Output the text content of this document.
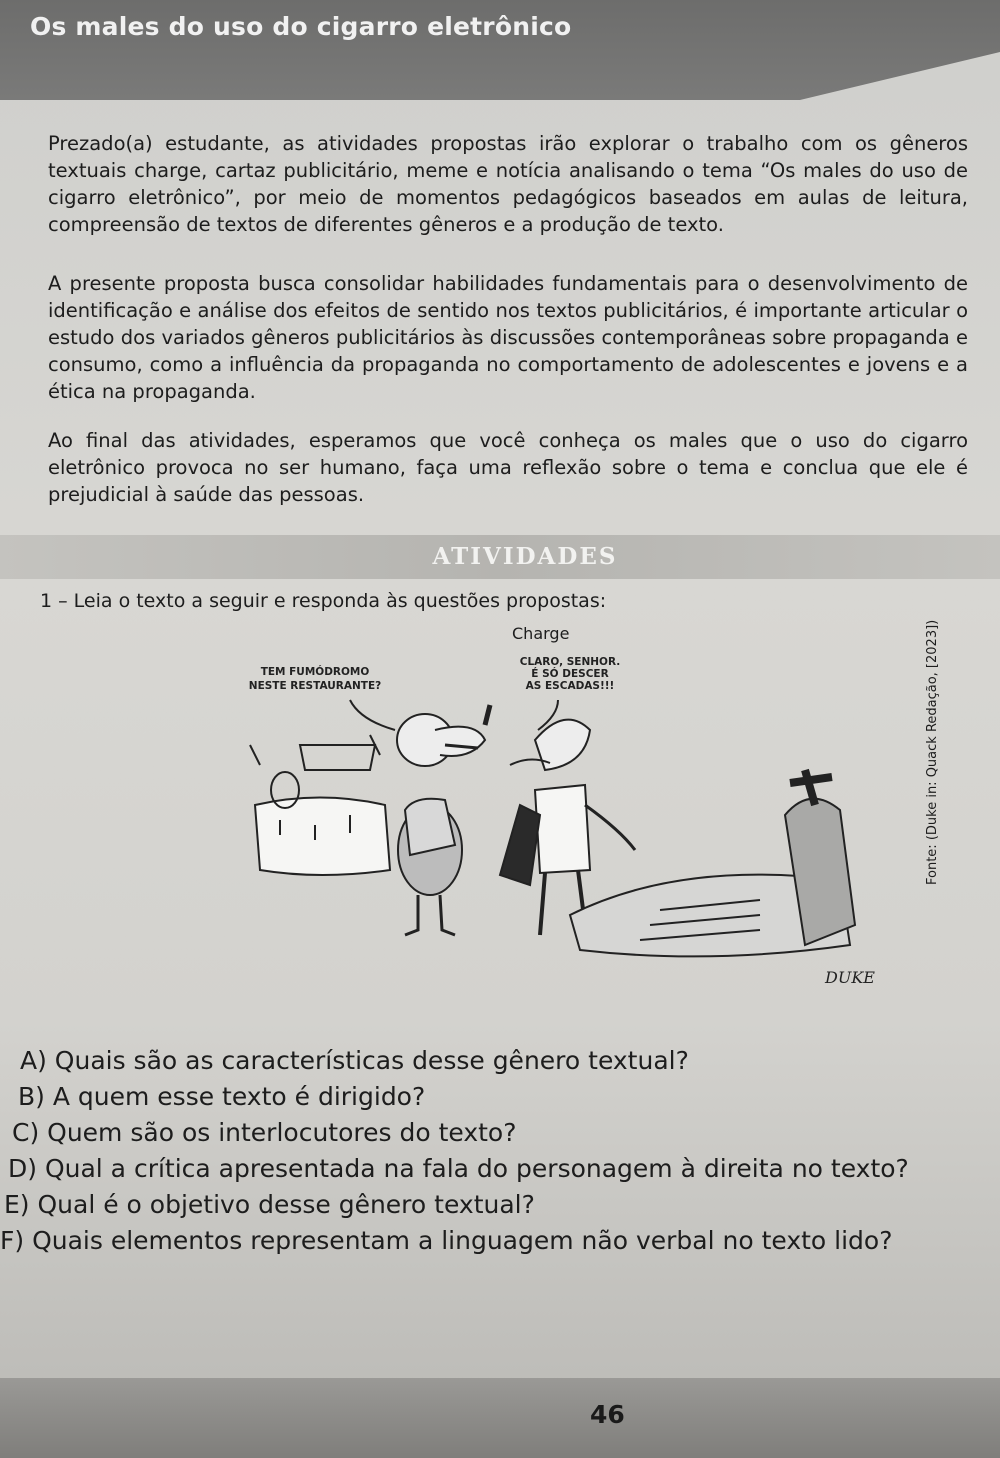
Os males do uso do cigarro eletrônico

Prezado(a) estudante, as atividades propostas irão explorar o trabalho com os gêneros textuais charge, cartaz publicitário, meme e notícia analisando o tema “Os males do uso de cigarro eletrônico”, por meio de momentos pedagógicos baseados em aulas de leitura, compreensão de textos de diferentes gêneros e a produção de texto.

A presente proposta busca consolidar habilidades fundamentais para o desenvolvimento de identificação e análise dos efeitos de sentido nos textos publicitários, é importante articular o estudo dos variados gêneros publicitários às discussões contemporâneas sobre propaganda e consumo, como a influência da propaganda no comportamento de adolescentes e jovens e a ética na propaganda.

Ao final das atividades, esperamos que você conheça os males que o uso do cigarro eletrônico provoca no ser humano, faça uma reflexão sobre o tema e conclua que ele é prejudicial à saúde das pessoas.

ATIVIDADES

1 – Leia o texto a seguir e responda às questões propostas:

Charge
TEM FUMÓDROMO
NESTE RESTAURANTE?
CLARO, SENHOR.
É SÓ DESCER
AS ESCADAS!!!
DUKE
Fonte: (Duke in: Quack Redação, [2023])
A) Quais são as características desse gênero textual?
B) A quem esse texto é dirigido?
C) Quem são os interlocutores do texto?
D) Qual a crítica apresentada na fala do personagem à direita no texto?
E) Qual é o objetivo desse gênero textual?
F) Quais elementos representam a linguagem não verbal no texto lido?
46
